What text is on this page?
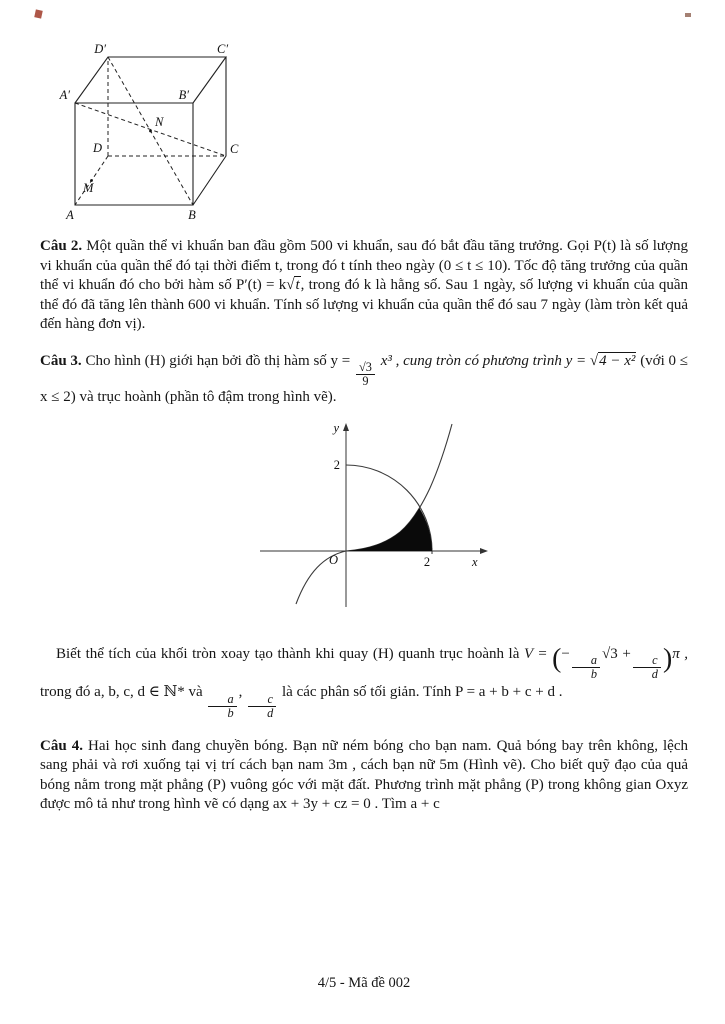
D′	C′
A′	B′
N
D	C
M
A	B

Câu 2. Một quần thể vi khuẩn ban đầu gồm 500 vi khuẩn, sau đó bắt đầu tăng trưởng. Gọi P(t) là số lượng vi khuẩn của quần thể đó tại thời điểm t, trong đó t tính theo ngày (0 ≤ t ≤ 10). Tốc độ tăng trưởng của quần thể vi khuẩn đó cho bởi hàm số P′(t) = k√t, trong đó k là hằng số. Sau 1 ngày, số lượng vi khuẩn của quần thể đó đã tăng lên thành 600 vi khuẩn. Tính số lượng vi khuẩn của quần thể đó sau 7 ngày (làm tròn kết quả đến hàng đơn vị).

Câu 3. Cho hình (H) giới hạn bởi đồ thị hàm số y =
$\frac{√3}{9}$
x³ , cung tròn có phương trình y = √4 − x² (với 0 ≤ x ≤ 2) và trục hoành (phần tô đậm trong hình vẽ).

y
x
O
2
2

Biết thể tích của khối tròn xoay tạo thành khi quay (H) quanh trục hoành là V = (−
$\frac{a}{b}$
√3 +
$\frac{c}{d} )\pi$ , trong đó a, b, c, d ∈ ℕ* và
$\frac{a}{b}$
,
$\frac{c}{d}$
là các phân số tối giản. Tính P = a + b + c + d .

Câu 4. Hai học sinh đang chuyền bóng. Bạn nữ ném bóng cho bạn nam. Quả bóng bay trên không, lệch sang phải và rơi xuống tại vị trí cách bạn nam 3m , cách bạn nữ 5m (Hình vẽ). Cho biết quỹ đạo của quả bóng nằm trong mặt phẳng (P) vuông góc với mặt đất. Phương trình mặt phẳng (P) trong không gian Oxyz được mô tả như trong hình vẽ có dạng ax + 3y + cz = 0 . Tìm a + c

4/5 - Mã đề 002
